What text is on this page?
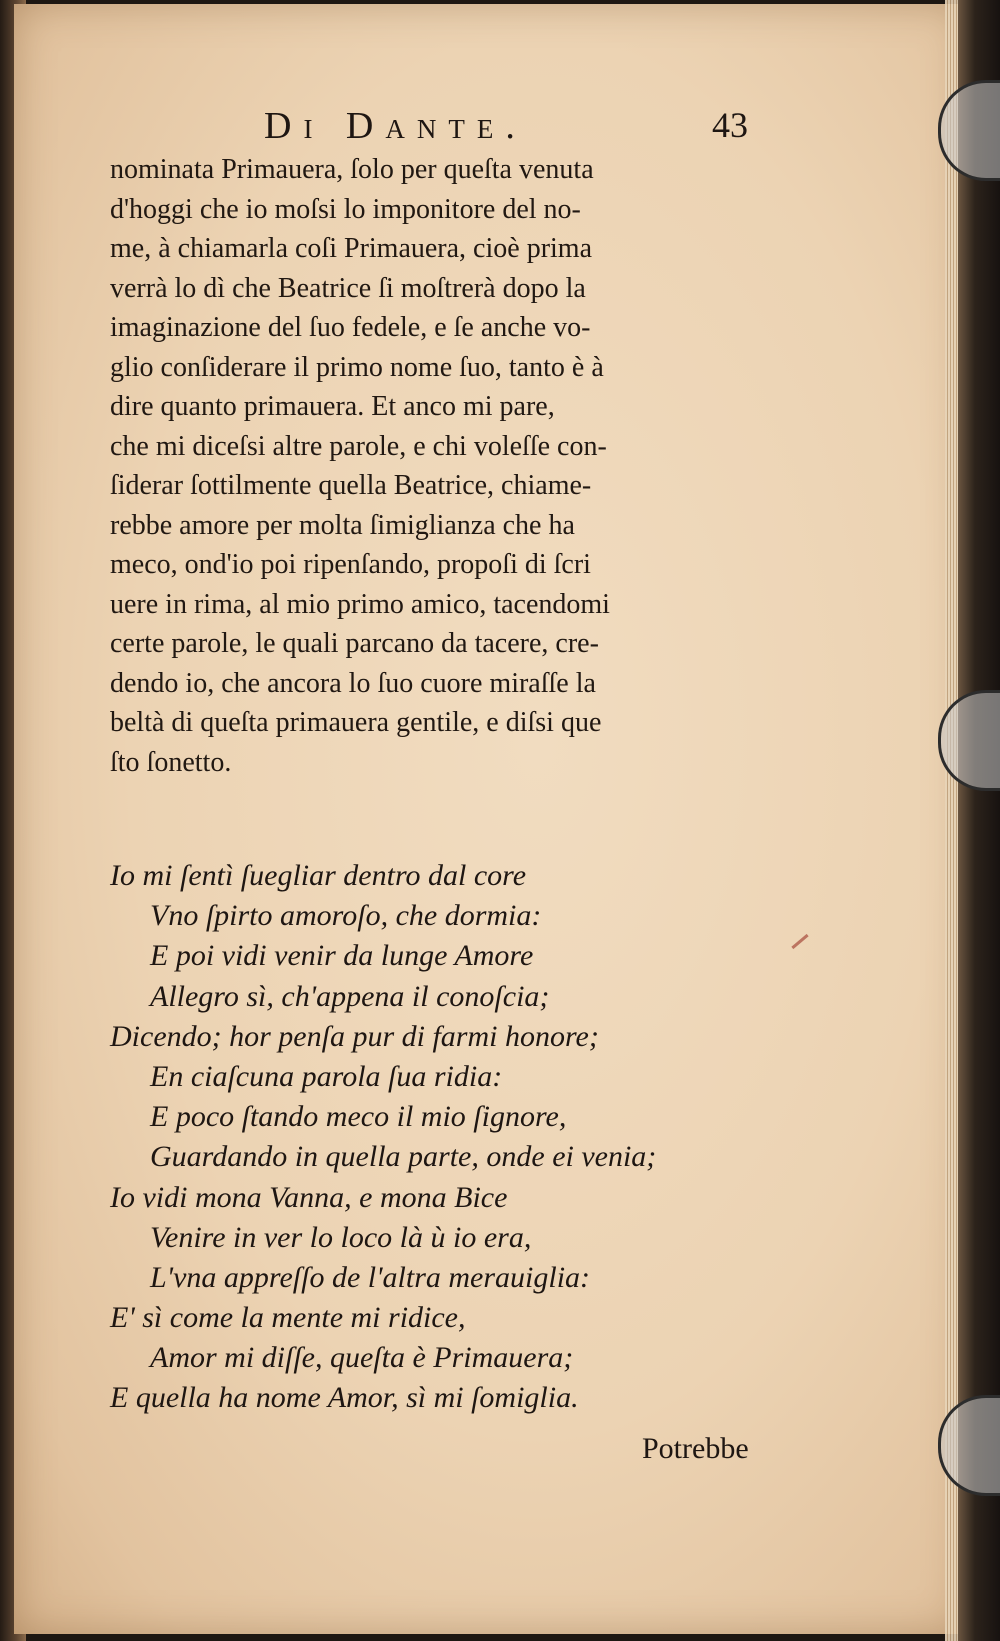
Di Dante.	43
nominata Primauera, ſolo per queſta venuta
d'hoggi che io moſsi lo imponitore del no-
me, à chiamarla coſi Primauera, cioè prima
verrà lo dì che Beatrice ſi moſtrerà dopo la
imaginazione del ſuo fedele, e ſe anche vo-
glio conſiderare il primo nome ſuo, tanto è à
dire quanto primauera. Et anco mi pare,
che mi diceſsi altre parole, e chi voleſſe con-
ſiderar ſottilmente quella Beatrice, chiame-
rebbe amore per molta ſimiglianza che ha
meco, ond'io poi ripenſando, propoſi di ſcri
uere in rima, al mio primo amico, tacendomi
certe parole, le quali parcano da tacere, cre-
dendo io, che ancora lo ſuo cuore miraſſe la
beltà di queſta primauera gentile, e diſsi que
ſto ſonetto.
Io mi ſentì ſuegliar dentro dal core
Vno ſpirto amoroſo, che dormia:
E poi vidi venir da lunge Amore
Allegro sì, ch'appena il conoſcia;
Dicendo; hor penſa pur di farmi honore;
En ciaſcuna parola ſua ridia:
E poco ſtando meco il mio ſignore,
Guardando in quella parte, onde ei venia;
Io vidi mona Vanna, e mona Bice
Venire in ver lo loco là ù io era,
L'vna appreſſo de l'altra merauiglia:
E' sì come la mente mi ridice,
Amor mi diſſe, queſta è Primauera;
E quella ha nome Amor, sì mi ſomiglia.
Potrebbe
